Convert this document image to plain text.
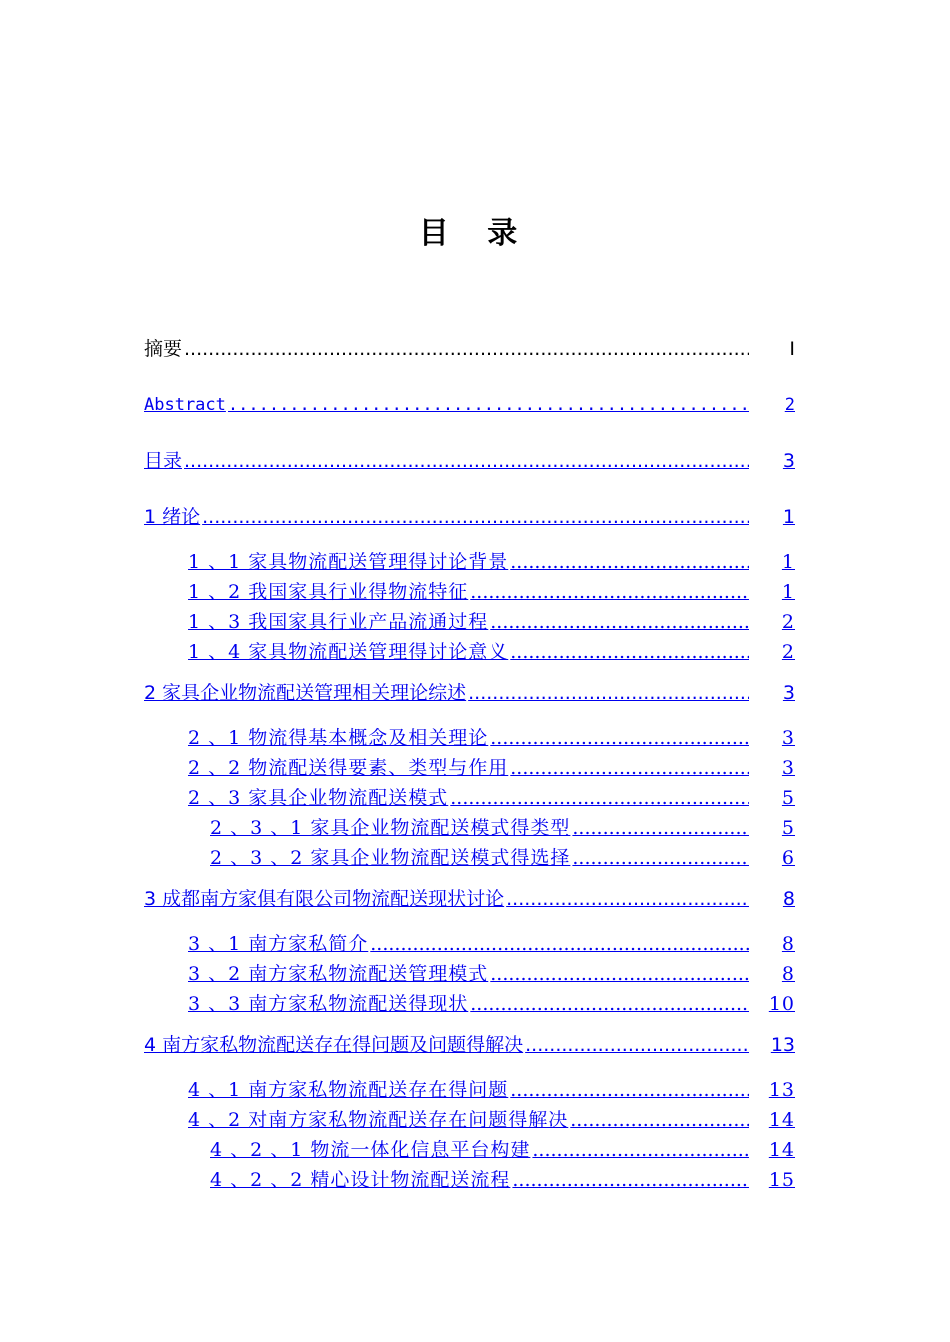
目 录
摘要 .....	I
Abstract .....	2
目录 .....	3
1 绪论 .....	1
1 、1 家具物流配送管理得讨论背景 .....	1
1 、2 我国家具行业得物流特征 .....	1
1 、3 我国家具行业产品流通过程 .....	2
1 、4 家具物流配送管理得讨论意义 .....	2
2 家具企业物流配送管理相关理论综述 .....	3
2 、1 物流得基本概念及相关理论 .....	3
2 、2 物流配送得要素、类型与作用 .....	3
2 、3 家具企业物流配送模式 .....	5
2 、3 、1 家具企业物流配送模式得类型 .....	5
2 、3 、2 家具企业物流配送模式得选择 .....	6
3 成都南方家俱有限公司物流配送现状讨论 .....	8
3 、1 南方家私简介 .....	8
3 、2 南方家私物流配送管理模式 .....	8
3 、3 南方家私物流配送得现状 .....	10
4 南方家私物流配送存在得问题及问题得解决 .....	13
4 、1 南方家私物流配送存在得问题 .....	13
4 、2 对南方家私物流配送存在问题得解决 .....	14
4 、2 、1 物流一体化信息平台构建 .....	14
4 、2 、2 精心设计物流配送流程 .....	15
